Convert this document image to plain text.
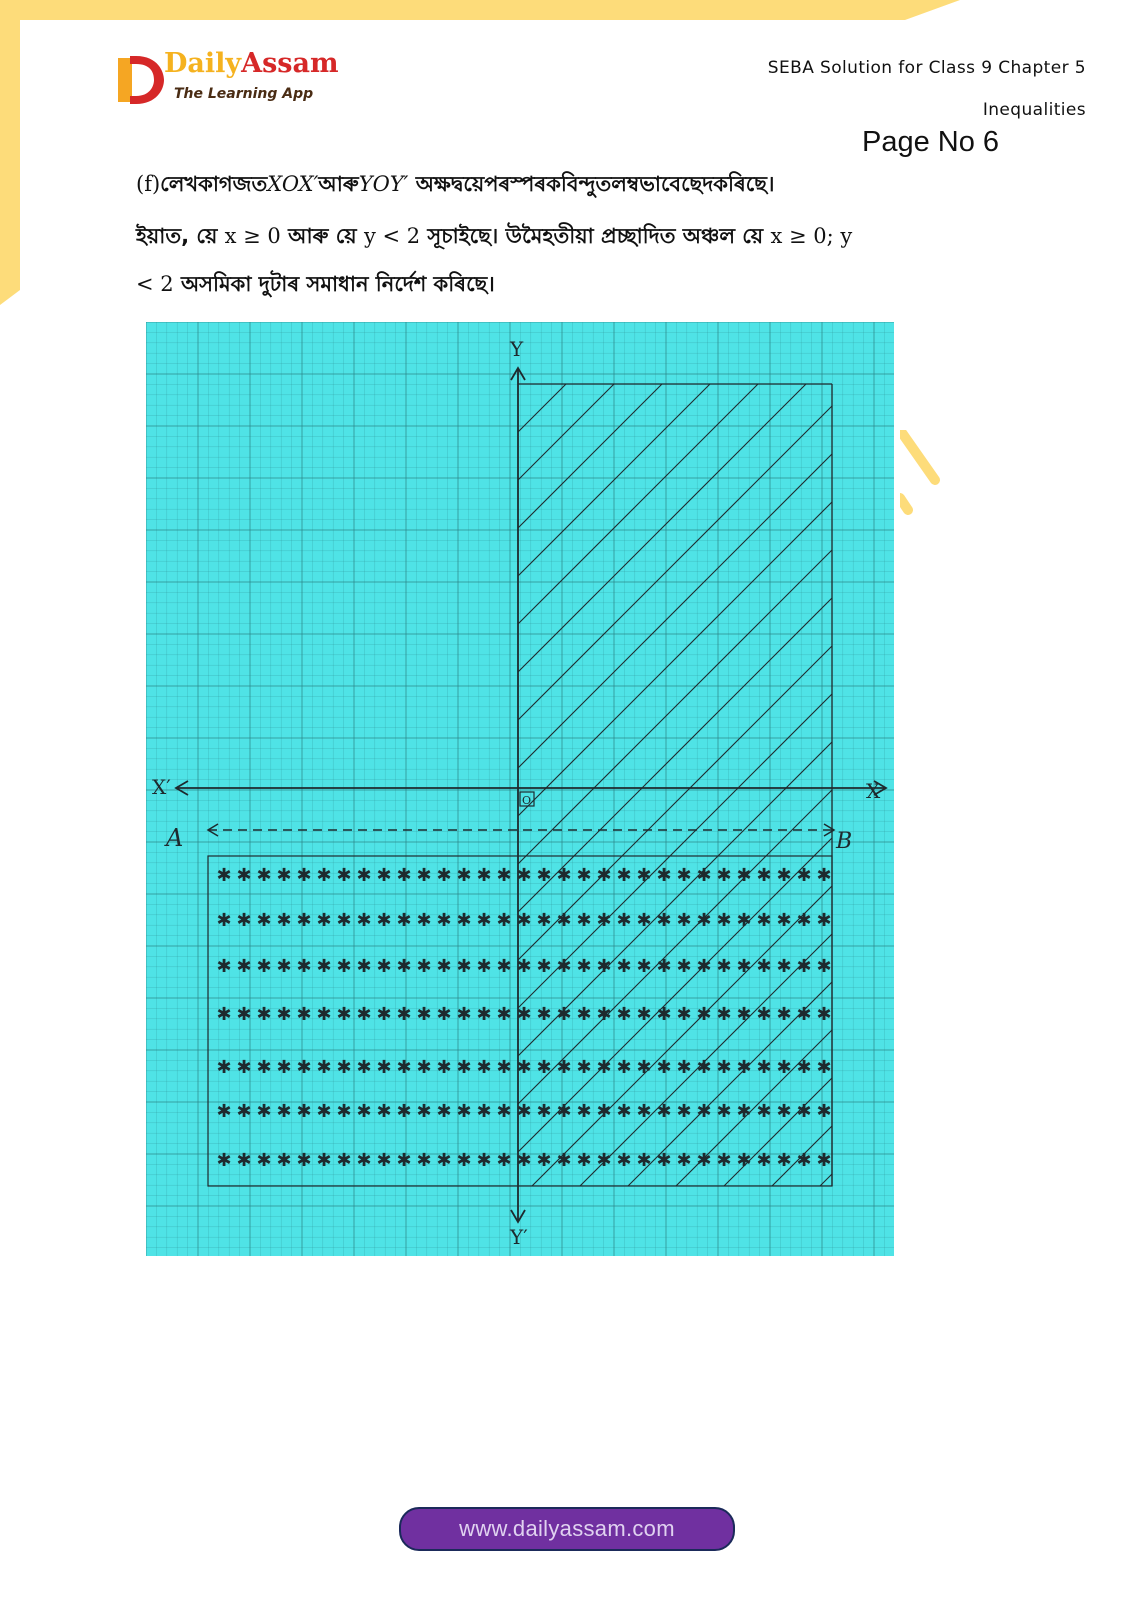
DailyAssam
The Learning App
SEBA Solution for Class 9 Chapter 5
Inequalities
Page No 6
(f)লেখকাগজতXOX′আৰুYOY′ অক্ষদ্বয়েপৰস্পৰকবিন্দুতলম্বভাবেছেদকৰিছে।
ইয়াত, য়ে x ≥ 0 আৰু য়ে y < 2 সূচাইছে। উমৈহতীয়া প্ৰচ্ছাদিত অঞ্চল য়ে x ≥ 0; y
< 2 অসমিকা দুটাৰ সমাধান নিৰ্দেশ কৰিছে।
✱ ✱ ✱ ✱ ✱ ✱ ✱ ✱ ✱ ✱ ✱ ✱ ✱ ✱ ✱ ✱ ✱ ✱ ✱ ✱ ✱ ✱ ✱ ✱ ✱ ✱ ✱ ✱ ✱ ✱ ✱
✱ ✱ ✱ ✱ ✱ ✱ ✱ ✱ ✱ ✱ ✱ ✱ ✱ ✱ ✱ ✱ ✱ ✱ ✱ ✱ ✱ ✱ ✱ ✱ ✱ ✱ ✱ ✱ ✱ ✱ ✱
✱ ✱ ✱ ✱ ✱ ✱ ✱ ✱ ✱ ✱ ✱ ✱ ✱ ✱ ✱ ✱ ✱ ✱ ✱ ✱ ✱ ✱ ✱ ✱ ✱ ✱ ✱ ✱ ✱ ✱ ✱
✱ ✱ ✱ ✱ ✱ ✱ ✱ ✱ ✱ ✱ ✱ ✱ ✱ ✱ ✱ ✱ ✱ ✱ ✱ ✱ ✱ ✱ ✱ ✱ ✱ ✱ ✱ ✱ ✱ ✱ ✱
✱ ✱ ✱ ✱ ✱ ✱ ✱ ✱ ✱ ✱ ✱ ✱ ✱ ✱ ✱ ✱ ✱ ✱ ✱ ✱ ✱ ✱ ✱ ✱ ✱ ✱ ✱ ✱ ✱ ✱ ✱
✱ ✱ ✱ ✱ ✱ ✱ ✱ ✱ ✱ ✱ ✱ ✱ ✱ ✱ ✱ ✱ ✱ ✱ ✱ ✱ ✱ ✱ ✱ ✱ ✱ ✱ ✱ ✱ ✱ ✱ ✱
✱ ✱ ✱ ✱ ✱ ✱ ✱ ✱ ✱ ✱ ✱ ✱ ✱ ✱ ✱ ✱ ✱ ✱ ✱ ✱ ✱ ✱ ✱ ✱ ✱ ✱ ✱ ✱ ✱ ✱ ✱
Y
Y′
X′	X
O
A	B
www.dailyassam.com
